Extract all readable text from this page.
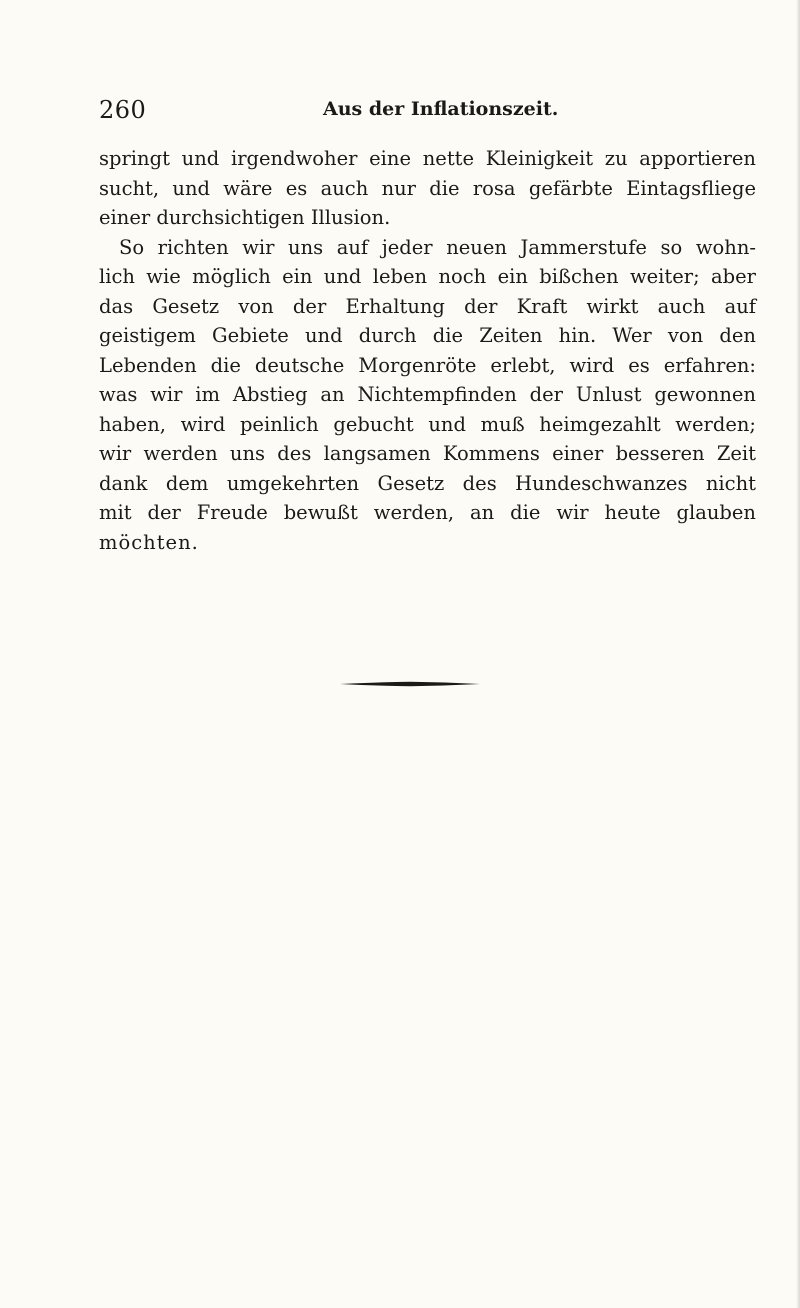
260	Aus der Inflationszeit.
springt und irgendwoher eine nette Kleinigkeit zu apportieren
sucht, und wäre es auch nur die rosa gefärbte Eintagsfliege
einer durchsichtigen Illusion.
So richten wir uns auf jeder neuen Jammerstufe so wohn-
lich wie möglich ein und leben noch ein bißchen weiter; aber
das Gesetz von der Erhaltung der Kraft wirkt auch auf
geistigem Gebiete und durch die Zeiten hin. Wer von den
Lebenden die deutsche Morgenröte erlebt, wird es erfahren:
was wir im Abstieg an Nichtempfinden der Unlust gewonnen
haben, wird peinlich gebucht und muß heimgezahlt werden;
wir werden uns des langsamen Kommens einer besseren Zeit
dank dem umgekehrten Gesetz des Hundeschwanzes nicht
mit der Freude bewußt werden, an die wir heute glauben
möchten.
